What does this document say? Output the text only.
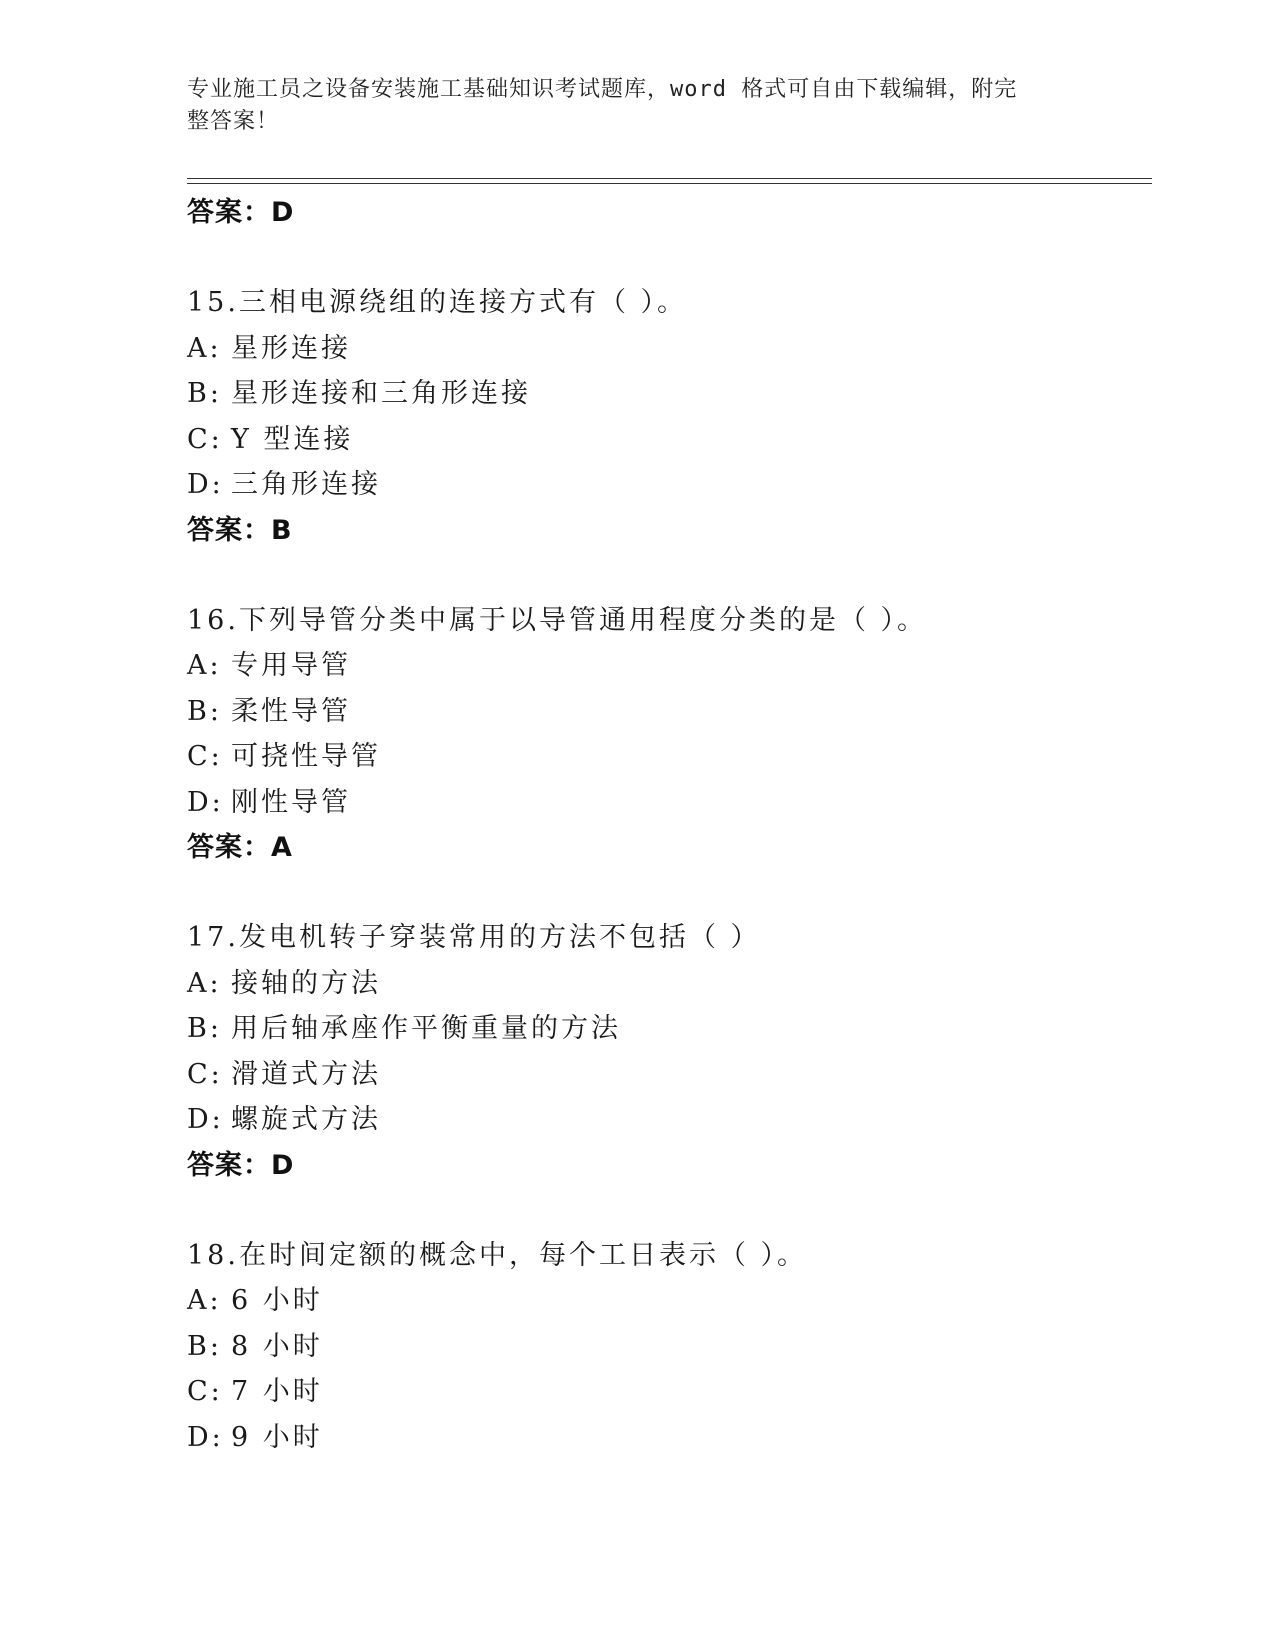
专业施工员之设备安装施工基础知识考试题库，word 格式可自由下载编辑，附完
整答案！
答案：D
15.三相电源绕组的连接方式有（ ）。
A: 星形连接
B: 星形连接和三角形连接
C: Y 型连接
D: 三角形连接
答案：B
16.下列导管分类中属于以导管通用程度分类的是（ ）。
A: 专用导管
B: 柔性导管
C: 可挠性导管
D: 刚性导管
答案：A
17.发电机转子穿装常用的方法不包括（ ）
A: 接轴的方法
B: 用后轴承座作平衡重量的方法
C: 滑道式方法
D: 螺旋式方法
答案：D
18.在时间定额的概念中，每个工日表示（ ）。
A: 6 小时
B: 8 小时
C: 7 小时
D: 9 小时
